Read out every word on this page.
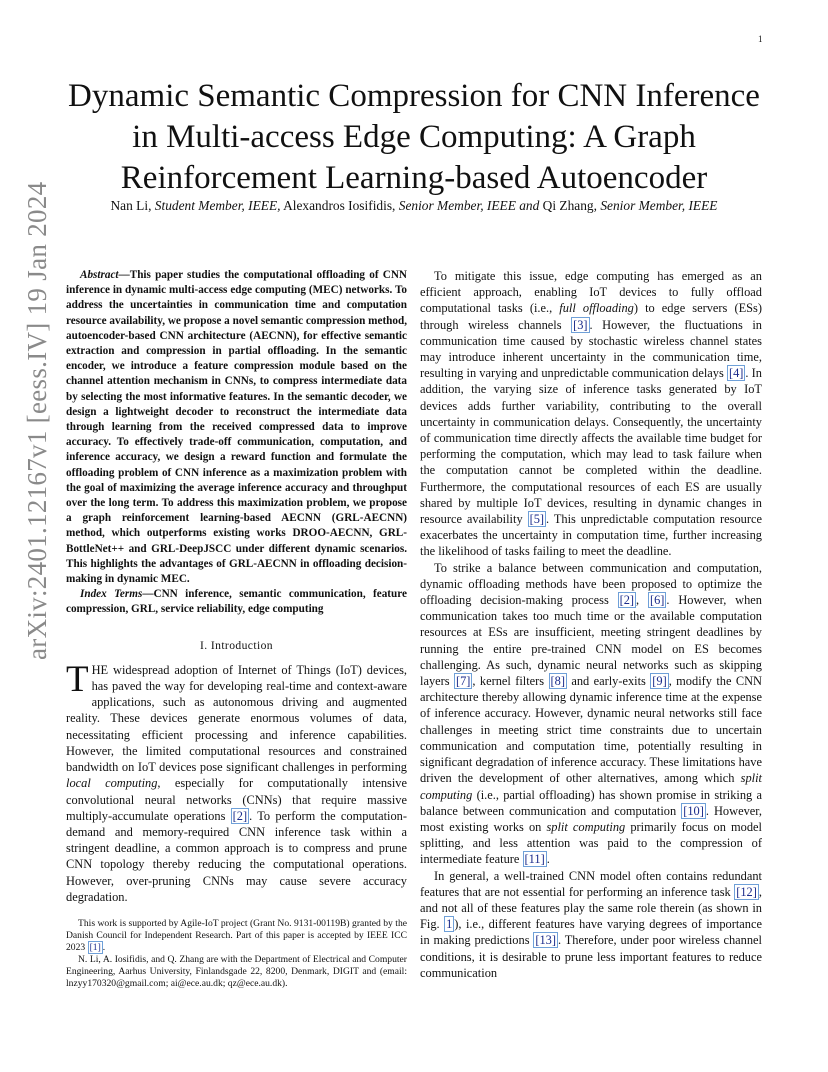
1
arXiv:2401.12167v1 [eess.IV] 19 Jan 2024
Dynamic Semantic Compression for CNN Inference in Multi-access Edge Computing: A Graph Reinforcement Learning-based Autoencoder
Nan Li, Student Member, IEEE, Alexandros Iosifidis, Senior Member, IEEE and Qi Zhang, Senior Member, IEEE

Abstract—This paper studies the computational offloading of CNN inference in dynamic multi-access edge computing (MEC) networks. To address the uncertainties in communication time and computation resource availability, we propose a novel semantic compression method, autoencoder-based CNN architecture (AECNN), for effective semantic extraction and compression in partial offloading. In the semantic encoder, we introduce a feature compression module based on the channel attention mechanism in CNNs, to compress intermediate data by selecting the most informative features. In the semantic decoder, we design a lightweight decoder to reconstruct the intermediate data through learning from the received compressed data to improve accuracy. To effectively trade-off communication, computation, and inference accuracy, we design a reward function and formulate the offloading problem of CNN inference as a maximization problem with the goal of maximizing the average inference accuracy and throughput over the long term. To address this maximization problem, we propose a graph reinforcement learning-based AECNN (GRL-AECNN) method, which outperforms existing works DROO-AECNN, GRL-BottleNet++ and GRL-DeepJSCC under different dynamic scenarios. This highlights the advantages of GRL-AECNN in offloading decision-making in dynamic MEC.

Index Terms—CNN inference, semantic communication, feature compression, GRL, service reliability, edge computing

I. Introduction

THE widespread adoption of Internet of Things (IoT) devices, has paved the way for developing real-time and context-aware applications, such as autonomous driving and augmented reality. These devices generate enormous volumes of data, necessitating efficient processing and inference capabilities. However, the limited computational resources and constrained bandwidth on IoT devices pose significant challenges in performing local computing, especially for computationally intensive convolutional neural networks (CNNs) that require massive multiply-accumulate operations [2] . To perform the computation-demand and memory-required CNN inference task within a stringent deadline, a common approach is to compress and prune CNN topology thereby reducing the computational operations. However, over-pruning CNNs may cause severe accuracy degradation.

This work is supported by Agile-IoT project (Grant No. 9131-00119B) granted by the Danish Council for Independent Research. Part of this paper is accepted by IEEE ICC 2023 [1] .

N. Li, A. Iosifidis, and Q. Zhang are with the Department of Electrical and Computer Engineering, Aarhus University, Finlandsgade 22, 8200, Denmark, DIGIT and (email: lnzyy170320@gmail.com; ai@ece.au.dk; qz@ece.au.dk).

To mitigate this issue, edge computing has emerged as an efficient approach, enabling IoT devices to fully offload computational tasks (i.e., full offloading) to edge servers (ESs) through wireless channels [3] . However, the fluctuations in communication time caused by stochastic wireless channel states may introduce inherent uncertainty in the communication time, resulting in varying and unpredictable communication delays [4] . In addition, the varying size of inference tasks generated by IoT devices adds further variability, contributing to the overall uncertainty in communication delays. Consequently, the uncertainty of communication time directly affects the available time budget for performing the computation, which may lead to task failure when the computation cannot be completed within the deadline. Furthermore, the computational resources of each ES are usually shared by multiple IoT devices, resulting in dynamic changes in resource availability [5] . This unpredictable computation resource exacerbates the uncertainty in computation time, further increasing the likelihood of tasks failing to meet the deadline.

To strike a balance between communication and computation, dynamic offloading methods have been proposed to optimize the offloading decision-making process [2] , [6] . However, when communication takes too much time or the available computation resources at ESs are insufficient, meeting stringent deadlines by running the entire pre-trained CNN model on ES becomes challenging. As such, dynamic neural networks such as skipping layers [7] , kernel filters [8] and early-exits [9] , modify the CNN architecture thereby allowing dynamic inference time at the expense of inference accuracy. However, dynamic neural networks still face challenges in meeting strict time constraints due to uncertain communication and computation time, potentially resulting in significant degradation of inference accuracy. These limitations have driven the development of other alternatives, among which split computing (i.e., partial offloading) has shown promise in striking a balance between communication and computation [10] . However, most existing works on split computing primarily focus on model splitting, and less attention was paid to the compression of intermediate feature [11] .

In general, a well-trained CNN model often contains redundant features that are not essential for performing an inference task [12] , and not all of these features play the same role therein (as shown in Fig. 1 ), i.e., different features have varying degrees of importance in making predictions [13] . Therefore, under poor wireless channel conditions, it is desirable to prune less important features to reduce communication
